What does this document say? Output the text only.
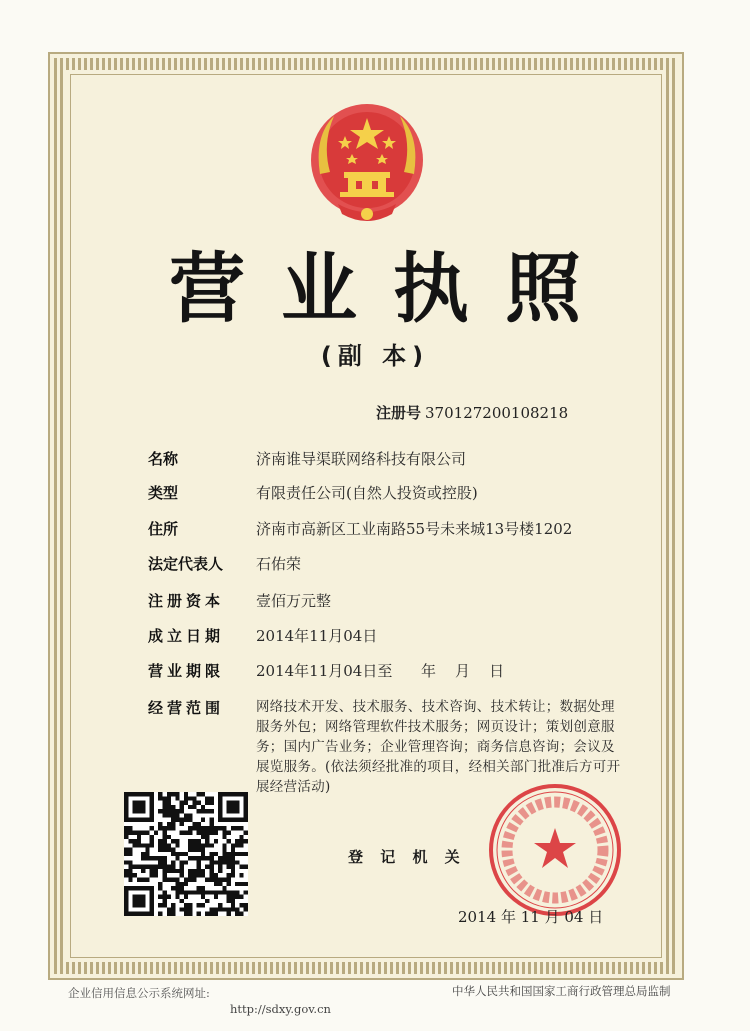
营业执照
(副 本)
注册号 370127200108218
名称	济南谁导渠联网络科技有限公司
类型	有限责任公司(自然人投资或控股)
住所	济南市高新区工业南路55号未来城13号楼1202
法定代表人	石佑荣
注册资本	壹佰万元整
成立日期	2014年11月04日
营业期限	2014年11月04日至      年    月    日
经营范围	网络技术开发、技术服务、技术咨询、技术转让；数据处理服务外包；网络管理软件技术服务；网页设计；策划创意服务；国内广告业务；企业管理咨询；商务信息咨询；会议及展览服务。(依法须经批准的项目，经相关部门批准后方可开展经营活动)
登 记 机 关
2014 年 11 月 04 日
企业信用信息公示系统网址:
http://sdxy.gov.cn
中华人民共和国国家工商行政管理总局监制
